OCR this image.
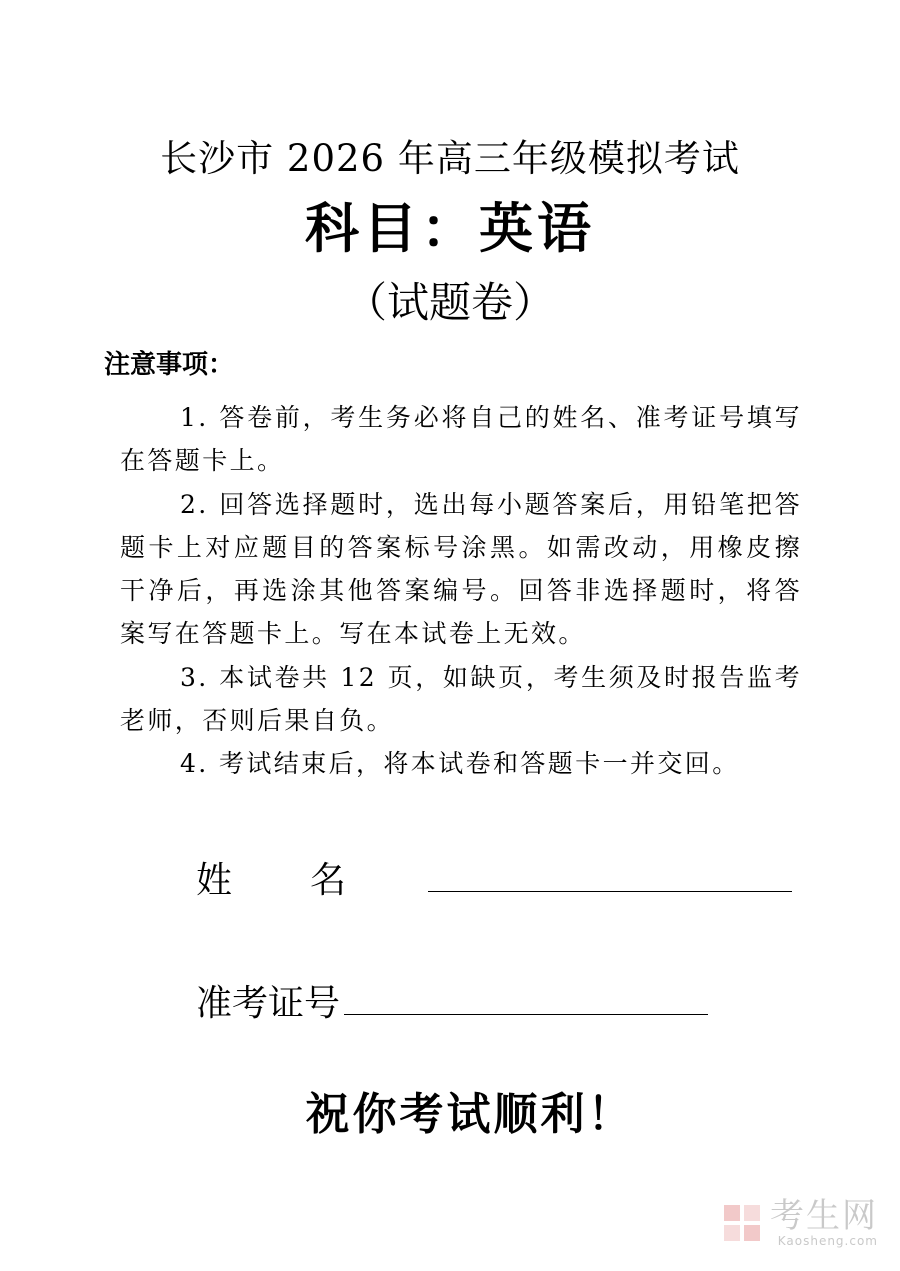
长沙市 2026 年高三年级模拟考试
科目：英语
（试题卷）
注意事项：

1. 答卷前，考生务必将自己的姓名、准考证号填写在答题卡上。

2. 回答选择题时，选出每小题答案后，用铅笔把答题卡上对应题目的答案标号涂黑。如需改动，用橡皮擦干净后，再选涂其他答案编号。回答非选择题时，将答案写在答题卡上。写在本试卷上无效。

3. 本试卷共 12 页，如缺页，考生须及时报告监考老师，否则后果自负。

4. 考试结束后，将本试卷和答题卡一并交回。

姓名
准考证号
祝你考试顺利！
考生网
Kaosheng.com
